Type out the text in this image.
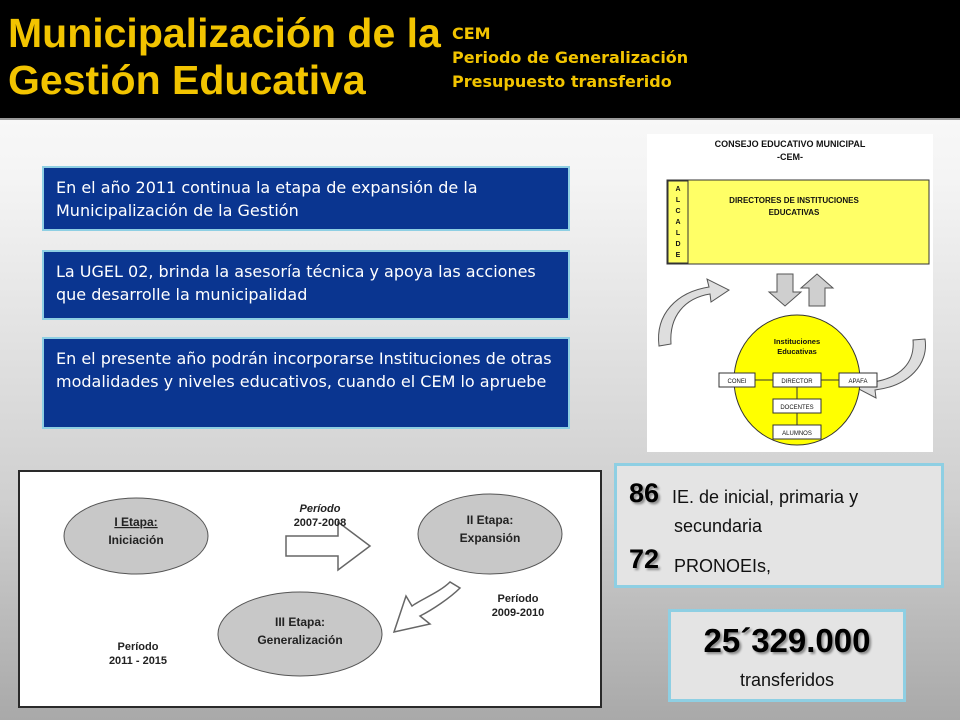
Municipalización de la
Gestión Educativa
CEM
Periodo de Generalización
Presupuesto transferido
En el año 2011 continua la etapa de expansión de la Municipalización de la Gestión
La UGEL 02, brinda la asesoría técnica y apoya las acciones que desarrolle la municipalidad
En el presente año podrán incorporarse Instituciones de otras modalidades y niveles educativos, cuando el CEM lo apruebe
CONSEJO EDUCATIVO MUNICIPAL
-CEM-
A
L
C
A
L
D
E
DIRECTORES DE INSTITUCIONES
EDUCATIVAS
Instituciones
Educativas
CONEI	DIRECTOR	APAFA
DOCENTES
ALUMNOS
I Etapa:
Iniciación
II Etapa:
Expansión
III Etapa:
Generalización
Período
2007-2008
Período
2009-2010
Período
2011 - 2015
86 IE. de inicial, primaria y
secundaria
72 PRONOEIs,
25´329.000
transferidos
